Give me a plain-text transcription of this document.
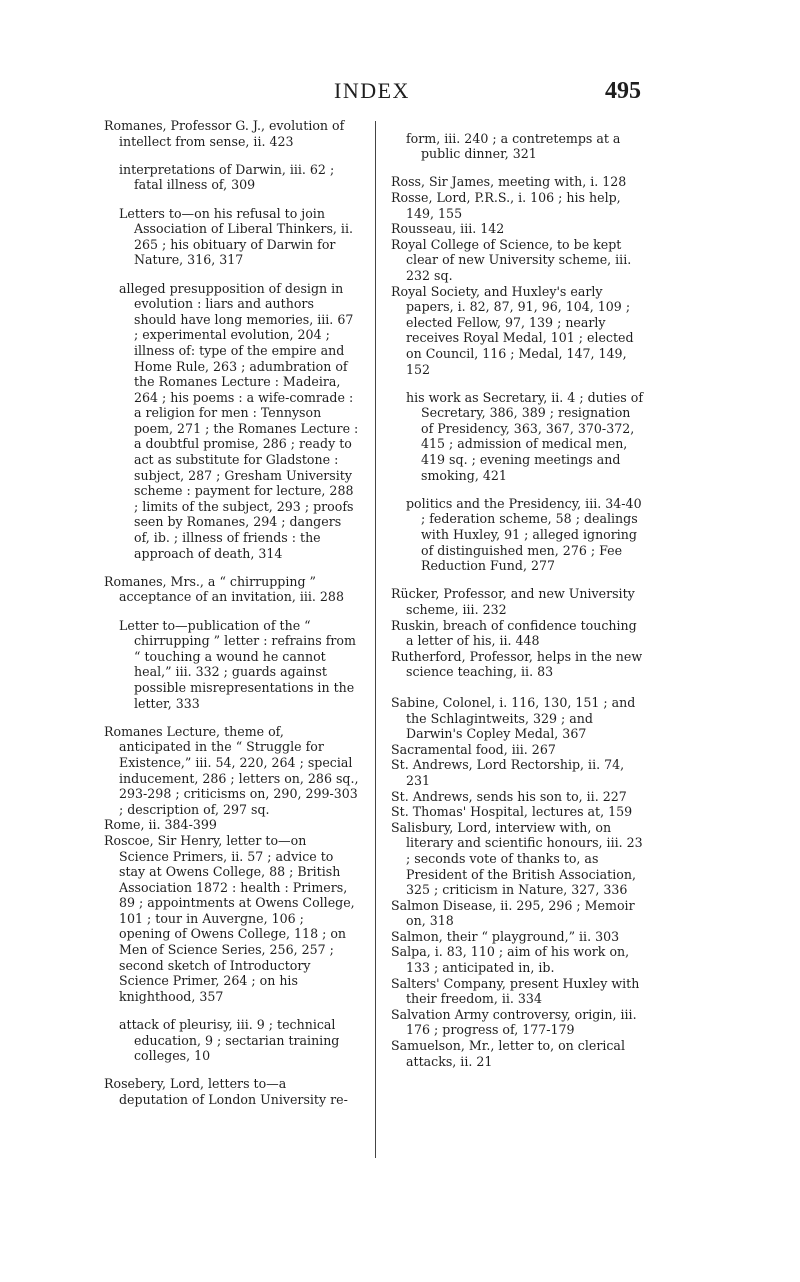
INDEX	495

Romanes, Professor G. J., evolution of intellect from sense, ii. 423

interpretations of Darwin, iii. 62 ; fatal illness of, 309

Letters to—on his refusal to join Association of Liberal Thinkers, ii. 265 ; his obituary of Darwin for Nature, 316, 317

alleged presupposition of design in evolution : liars and authors should have long memories, iii. 67 ; experimental evolution, 204 ; illness of: type of the empire and Home Rule, 263 ; adumbration of the Romanes Lecture : Madeira, 264 ; his poems : a wife-comrade : a religion for men : Tennyson poem, 271 ; the Romanes Lecture : a doubtful promise, 286 ; ready to act as substitute for Gladstone : subject, 287 ; Gresham University scheme : payment for lecture, 288 ; limits of the subject, 293 ; proofs seen by Romanes, 294 ; dangers of, ib. ; illness of friends : the approach of death, 314

Romanes, Mrs., a “ chirrupping ” acceptance of an invitation, iii. 288

Letter to—publication of the “ chirrupping ” letter : refrains from “ touching a wound he cannot heal,” iii. 332 ; guards against possible misrepresentations in the letter, 333

Romanes Lecture, theme of, anticipated in the “ Struggle for Existence,” iii. 54, 220, 264 ; special inducement, 286 ; letters on, 286 sq., 293-298 ; criticisms on, 290, 299-303 ; description of, 297 sq.

Rome, ii. 384-399

Roscoe, Sir Henry, letter to—on Science Primers, ii. 57 ; advice to stay at Owens College, 88 ; British Association 1872 : health : Primers, 89 ; appointments at Owens College, 101 ; tour in Auvergne, 106 ; opening of Owens College, 118 ; on Men of Science Series, 256, 257 ; second sketch of Introductory Science Primer, 264 ; on his knighthood, 357

attack of pleurisy, iii. 9 ; technical education, 9 ; sectarian training colleges, 10

Rosebery, Lord, letters to—a deputation of London University re-

form, iii. 240 ; a contretemps at a public dinner, 321

Ross, Sir James, meeting with, i. 128

Rosse, Lord, P.R.S., i. 106 ; his help, 149, 155

Rousseau, iii. 142

Royal College of Science, to be kept clear of new University scheme, iii. 232 sq.

Royal Society, and Huxley's early papers, i. 82, 87, 91, 96, 104, 109 ; elected Fellow, 97, 139 ; nearly receives Royal Medal, 101 ; elected on Council, 116 ; Medal, 147, 149, 152

his work as Secretary, ii. 4 ; duties of Secretary, 386, 389 ; resignation of Presidency, 363, 367, 370-372, 415 ; admission of medical men, 419 sq. ; evening meetings and smoking, 421

politics and the Presidency, iii. 34-40 ; federation scheme, 58 ; dealings with Huxley, 91 ; alleged ignoring of distinguished men, 276 ; Fee Reduction Fund, 277

Rücker, Professor, and new University scheme, iii. 232

Ruskin, breach of confidence touching a letter of his, ii. 448

Rutherford, Professor, helps in the new science teaching, ii. 83

Sabine, Colonel, i. 116, 130, 151 ; and the Schlagintweits, 329 ; and Darwin's Copley Medal, 367

Sacramental food, iii. 267

St. Andrews, Lord Rectorship, ii. 74, 231

St. Andrews, sends his son to, ii. 227

St. Thomas' Hospital, lectures at, 159

Salisbury, Lord, interview with, on literary and scientific honours, iii. 23 ; seconds vote of thanks to, as President of the British Association, 325 ; criticism in Nature, 327, 336

Salmon Disease, ii. 295, 296 ; Memoir on, 318

Salmon, their “ playground,” ii. 303

Salpa, i. 83, 110 ; aim of his work on, 133 ; anticipated in, ib.

Salters' Company, present Huxley with their freedom, ii. 334

Salvation Army controversy, origin, iii. 176 ; progress of, 177-179

Samuelson, Mr., letter to, on clerical attacks, ii. 21
